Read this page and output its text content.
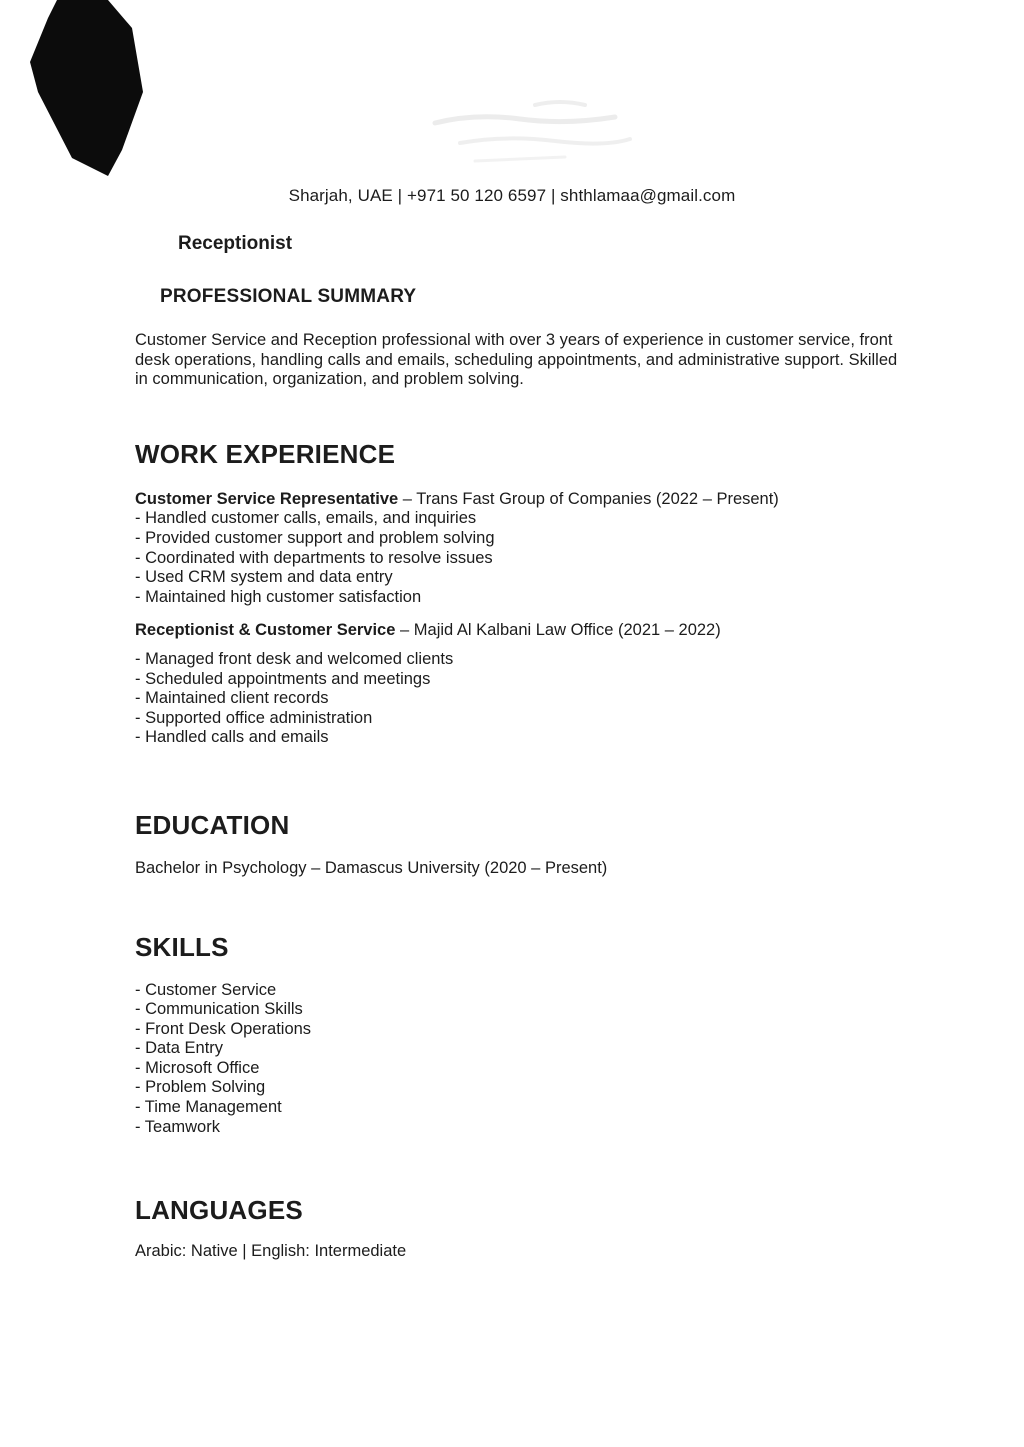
Sharjah, UAE | +971 50 120 6597 | shthlamaa@gmail.com
Receptionist
PROFESSIONAL SUMMARY
Customer Service and Reception professional with over 3 years of experience in customer service, front desk operations, handling calls and emails, scheduling appointments, and administrative support. Skilled in communication, organization, and problem solving.
WORK EXPERIENCE
Customer Service Representative – Trans Fast Group of Companies (2022 – Present)
- Handled customer calls, emails, and inquiries
- Provided customer support and problem solving
- Coordinated with departments to resolve issues
- Used CRM system and data entry
- Maintained high customer satisfaction
Receptionist & Customer Service – Majid Al Kalbani Law Office (2021 – 2022)
- Managed front desk and welcomed clients
- Scheduled appointments and meetings
- Maintained client records
- Supported office administration
- Handled calls and emails
EDUCATION
Bachelor in Psychology – Damascus University (2020 – Present)
SKILLS
- Customer Service
- Communication Skills
- Front Desk Operations
- Data Entry
- Microsoft Office
- Problem Solving
- Time Management
- Teamwork
LANGUAGES
Arabic: Native | English: Intermediate
